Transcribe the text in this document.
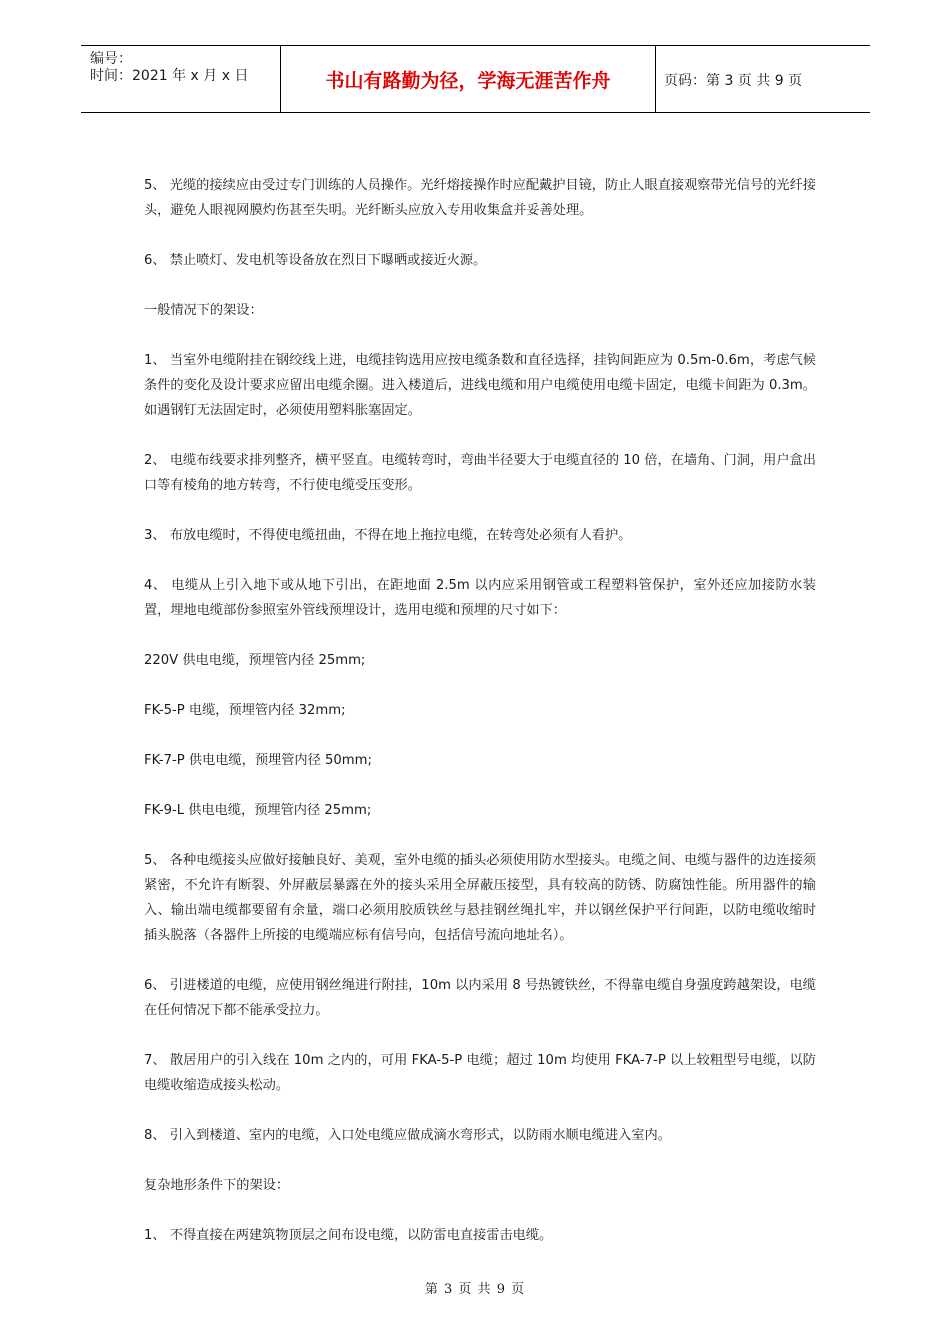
编号：
时间：2021 年 x 月 x 日	书山有路勤为径，学海无涯苦作舟	页码：第 3 页 共 9 页

5、 光缆的接续应由受过专门训练的人员操作。光纤熔接操作时应配戴护目镜，防止人眼直接观察带光信号的光纤接头，避免人眼视网膜灼伤甚至失明。光纤断头应放入专用收集盒并妥善处理。

6、 禁止喷灯、发电机等设备放在烈日下曝晒或接近火源。

一般情况下的架设：

1、 当室外电缆附挂在钢绞线上进，电缆挂钩选用应按电缆条数和直径选择，挂钩间距应为 0.5m-0.6m，考虑气候条件的变化及设计要求应留出电缆余圈。进入楼道后，进线电缆和用户电缆使用电缆卡固定，电缆卡间距为 0.3m。如遇钢钉无法固定时，必须使用塑料胀塞固定。

2、 电缆布线要求排列整齐，横平竖直。电缆转弯时，弯曲半径要大于电缆直径的 10 倍，在墙角、门洞，用户盒出口等有棱角的地方转弯，不行使电缆受压变形。

3、 布放电缆时，不得使电缆扭曲，不得在地上拖拉电缆，在转弯处必须有人看护。

4、 电缆从上引入地下或从地下引出，在距地面 2.5m 以内应采用钢管或工程塑料管保护，室外还应加接防水装置，埋地电缆部份参照室外管线预埋设计，选用电缆和预埋的尺寸如下：

220V 供电电缆，预埋管内径 25mm;

FK-5-P 电缆，预埋管内径 32mm;

FK-7-P 供电电缆，预埋管内径 50mm;

FK-9-L 供电电缆，预埋管内径 25mm;

5、 各种电缆接头应做好接触良好、美观，室外电缆的插头必须使用防水型接头。电缆之间、电缆与器件的边连接须紧密，不允许有断裂、外屏蔽层暴露在外的接头采用全屏蔽压接型，具有较高的防锈、防腐蚀性能。所用器件的输入、输出端电缆都要留有余量，端口必须用胶质铁丝与悬挂钢丝绳扎牢，并以钢丝保护平行间距，以防电缆收缩时插头脱落（各器件上所接的电缆端应标有信号向，包括信号流向地址名）。

6、 引进楼道的电缆，应使用钢丝绳进行附挂，10m 以内采用 8 号热镀铁丝，不得靠电缆自身强度跨越架设，电缆在任何情况下都不能承受拉力。

7、 散居用户的引入线在 10m 之内的，可用 FKA-5-P 电缆；超过 10m 均使用 FKA-7-P 以上较粗型号电缆，以防电缆收缩造成接头松动。

8、 引入到楼道、室内的电缆，入口处电缆应做成滴水弯形式，以防雨水顺电缆进入室内。

复杂地形条件下的架设：

1、 不得直接在两建筑物顶层之间布设电缆，以防雷电直接雷击电缆。

第 3 页 共 9 页
